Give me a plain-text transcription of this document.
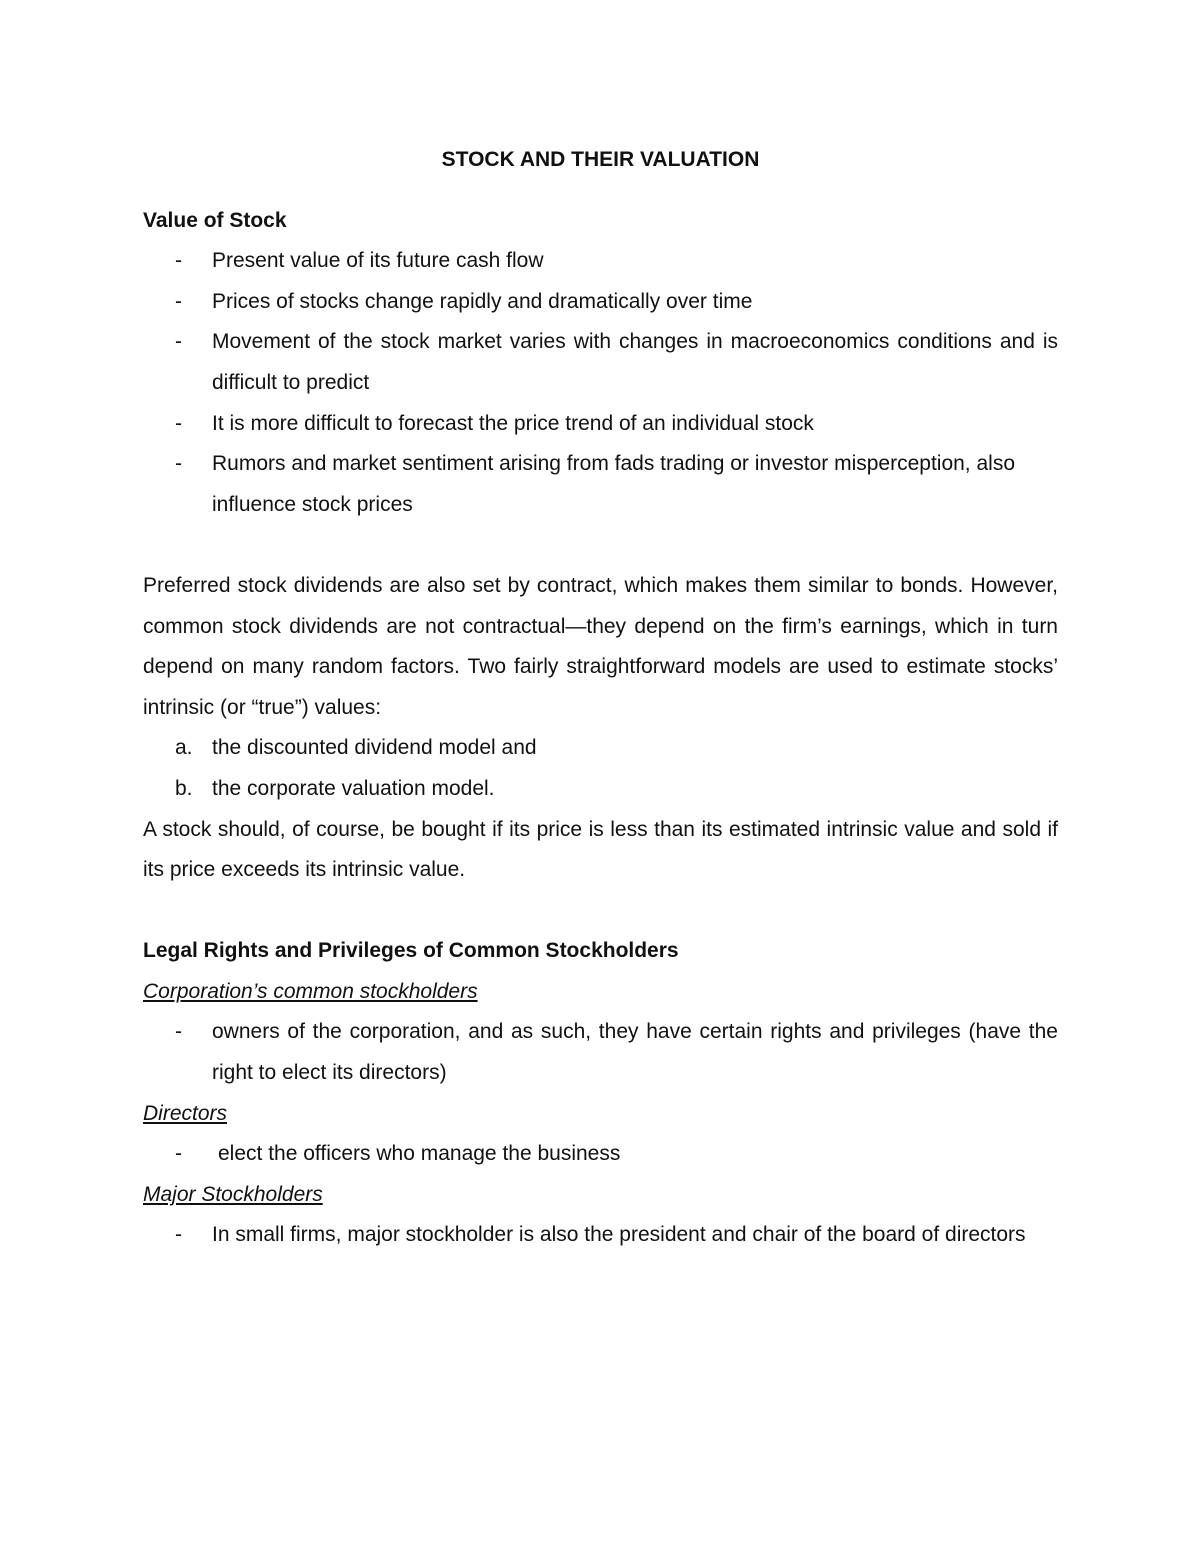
STOCK AND THEIR VALUATION

Value of Stock

- Present value of its future cash flow
- Prices of stocks change rapidly and dramatically over time
- Movement of the stock market varies with changes in macroeconomics conditions and is difficult to predict
- It is more difficult to forecast the price trend of an individual stock
- Rumors and market sentiment arising from fads trading or investor misperception, also influence stock prices

Preferred stock dividends are also set by contract, which makes them similar to bonds. However, common stock dividends are not contractual—they depend on the firm’s earnings, which in turn depend on many random factors. Two fairly straightforward models are used to estimate stocks’ intrinsic (or “true”) values:

a. the discounted dividend model and
b. the corporate valuation model.

A stock should, of course, be bought if its price is less than its estimated intrinsic value and sold if its price exceeds its intrinsic value.

Legal Rights and Privileges of Common Stockholders

Corporation’s common stockholders

- owners of the corporation, and as such, they have certain rights and privileges (have the right to elect its directors)

Directors

- elect the officers who manage the business

Major Stockholders

- In small firms, major stockholder is also the president and chair of the board of directors
